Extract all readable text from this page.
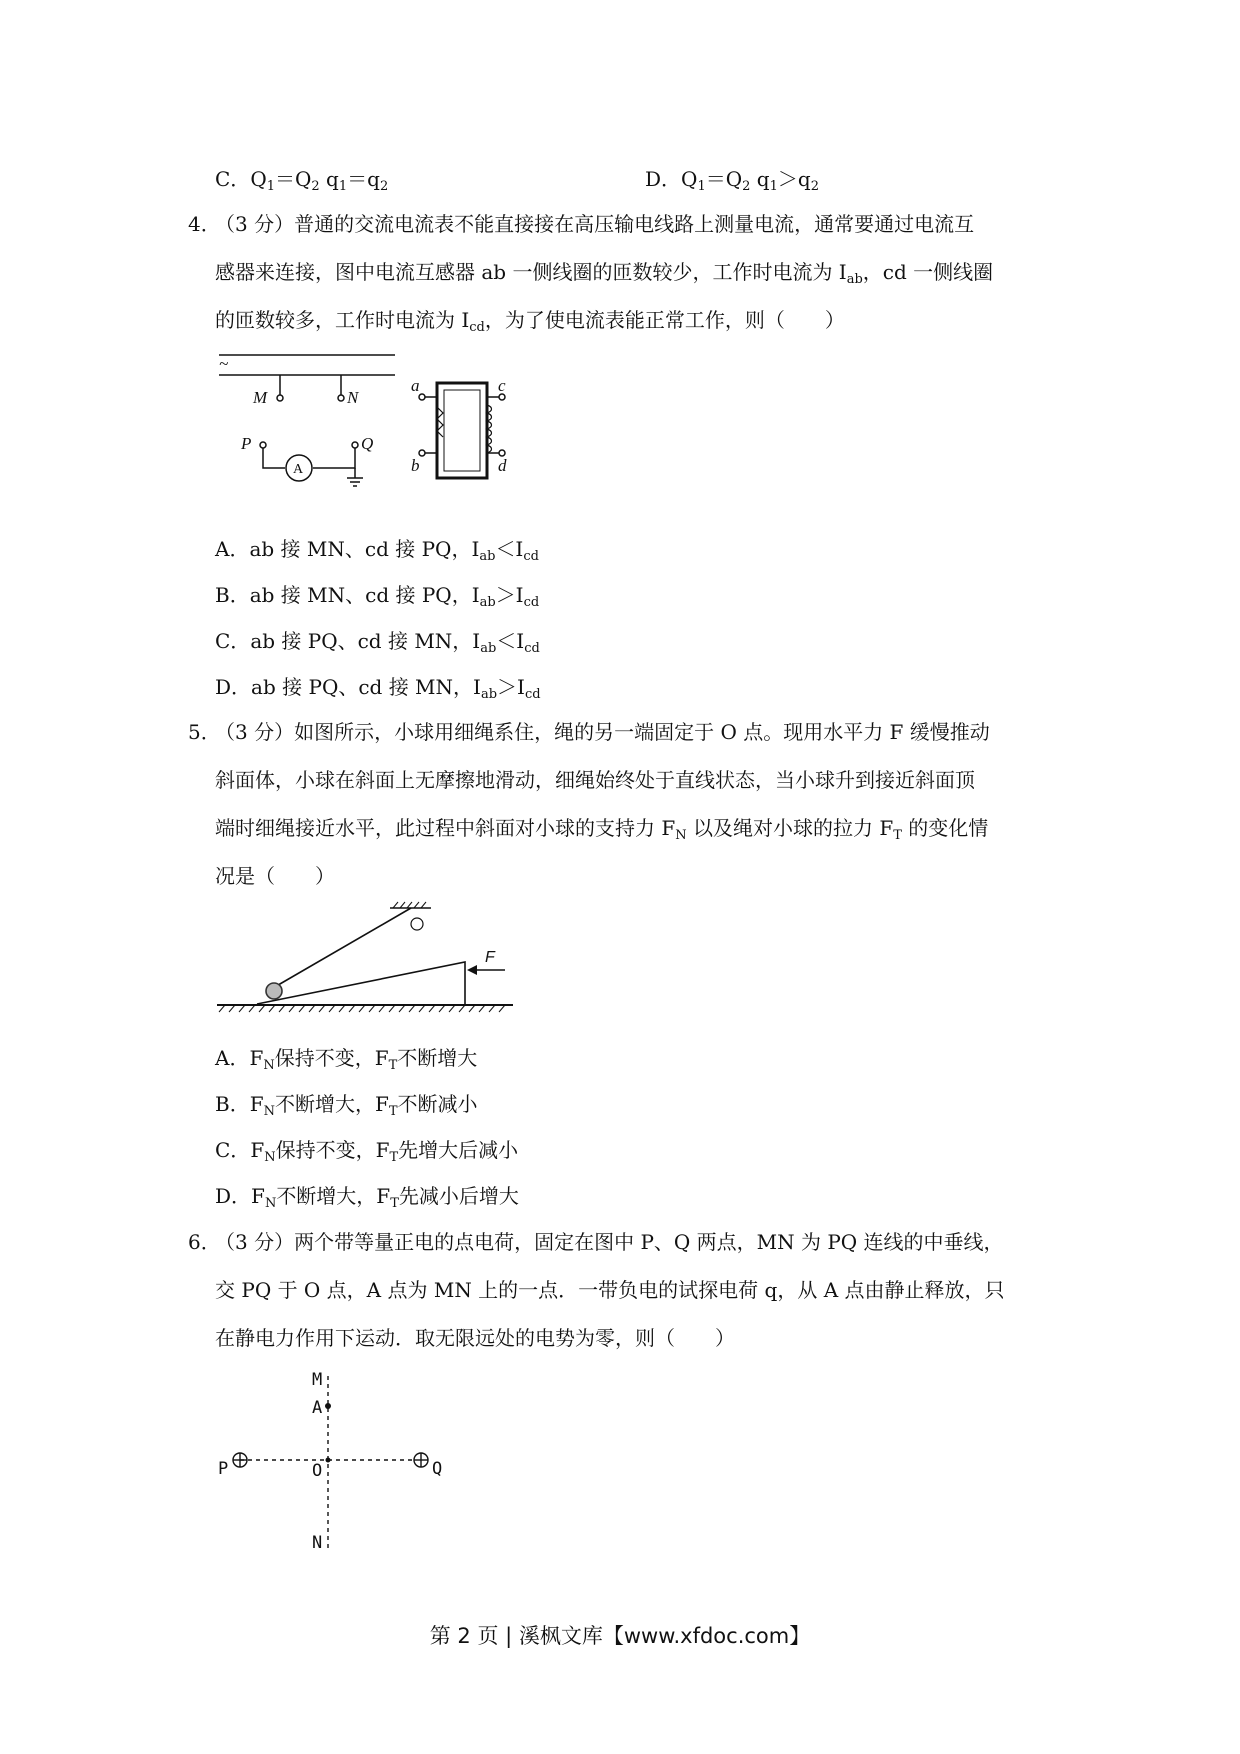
C．$Q_1=Q_2$ $q_1=q_2$	D．$Q_1=Q_2$ $q_1>q_2$
4．
（3 分）普通的交流电流表不能直接接在高压输电线路上测量电流，通常要通过电流互
感器来连接，图中电流互感器 ab 一侧线圈的匝数较少，工作时电流为 $I_{ab}$，cd 一侧线圈
的匝数较多，工作时电流为 $I_{cd}$，为了使电流表能正常工作，则（　　）
~
M	N
P	Q
A
a
b
c
d
A．ab 接 MN、cd 接 PQ，$I_{ab}<I_{cd}$
B．ab 接 MN、cd 接 PQ，$I_{ab}>I_{cd}$
C．ab 接 PQ、cd 接 MN，$I_{ab}<I_{cd}$
D．ab 接 PQ、cd 接 MN，$I_{ab}>I_{cd}$
5．
（3 分）如图所示，小球用细绳系住，绳的另一端固定于 O 点。现用水平力 F 缓慢推动
斜面体，小球在斜面上无摩擦地滑动，细绳始终处于直线状态，当小球升到接近斜面顶
端时细绳接近水平，此过程中斜面对小球的支持力 $F_N$ 以及绳对小球的拉力 $F_T$ 的变化情
况是（　　）
F
A．$F_N$保持不变，$F_T$不断增大
B．$F_N$不断增大，$F_T$不断减小
C．$F_N$保持不变，$F_T$先增大后减小
D．$F_N$不断增大，$F_T$先减小后增大
6．
（3 分）两个带等量正电的点电荷，固定在图中 P、Q 两点，MN 为 PQ 连线的中垂线，
交 PQ 于 O 点，A 点为 MN 上的一点．一带负电的试探电荷 q，从 A 点由静止释放，只
在静电力作用下运动．取无限远处的电势为零，则（　　）
M
A
P	O	Q
N
第 2 页 | 溪枫文库【www.xfdoc.com】
